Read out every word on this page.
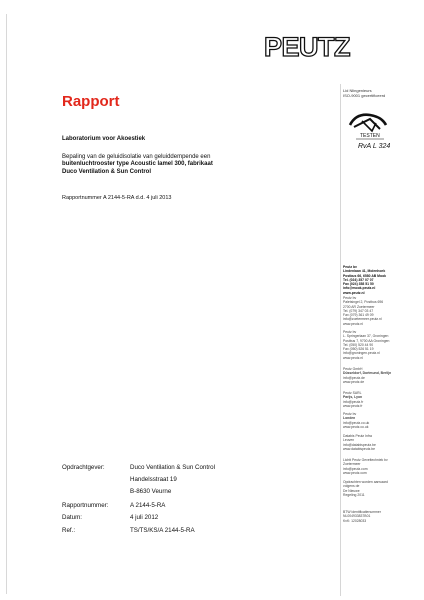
PEUTZ
Rapport
Laboratorium voor Akoestiek
Bepaling van de geluidisolatie van geluiddempende een
buitenluchtrooster type Acoustic lamel 300, fabrikaat
Duco Ventilation & Sun Control
Rapportnummer A 2144-5-RA d.d. 4 juli 2013
Lid Nlingenieurs
ISO-9001 gecertificeerd
TESTEN
RvA L 324
Peutz bv
Lindenlaan 41, Molenhoek
Postbus 66, 6580 AB Mook
Tel. (024) 357 07 07
Fax (024) 358 51 50
info@mook.peutz.nl
www.peutz.nl
Peutz bv
Paletsingel 2, Postbus 696
2700 AR Zoetermeer
Tel. (079) 347 03 47
Fax (079) 361 49 09
info@zoetermeer.peutz.nl
www.peutz.nl
Peutz bv
L. Springerlaan 37, Groningen
Postbus 7, 9700 AA Groningen
Tel. (050) 520 44 90
Fax (050) 526 51 19
info@groningen.peutz.nl
www.peutz.nl
Peutz GmbH
Düsseldorf, Dortmund, Berlijn
info@peutz.de
www.peutz.de
Peutz SARL
Parijs, Lyon
info@peutz.fr
www.peutz.fr
Peutz bv
Londen
info@peutz.co.uk
www.peutz.co.uk
Databis Peutz Infra
Leuven
info@databispeutz.be
www.databispeutz.be
Lichtt Peutz Geveltechniek bv
Zoetermeer
info@peutz.com
www.peutz.com
Opdrachten worden aanvaard
volgens de
De Nieuwe
Regeling 2011
BTW identificatienummer
NL004933837B01
KvK: 12028033
Opdrachtgever:	Duco Ventilation & Sun Control
Handelsstraat 19
B-8630 Veurne
Rapportnummer:	A 2144-5-RA
Datum:	4 juli 2012
Ref.:	TS/TS/KS/A 2144-5-RA
